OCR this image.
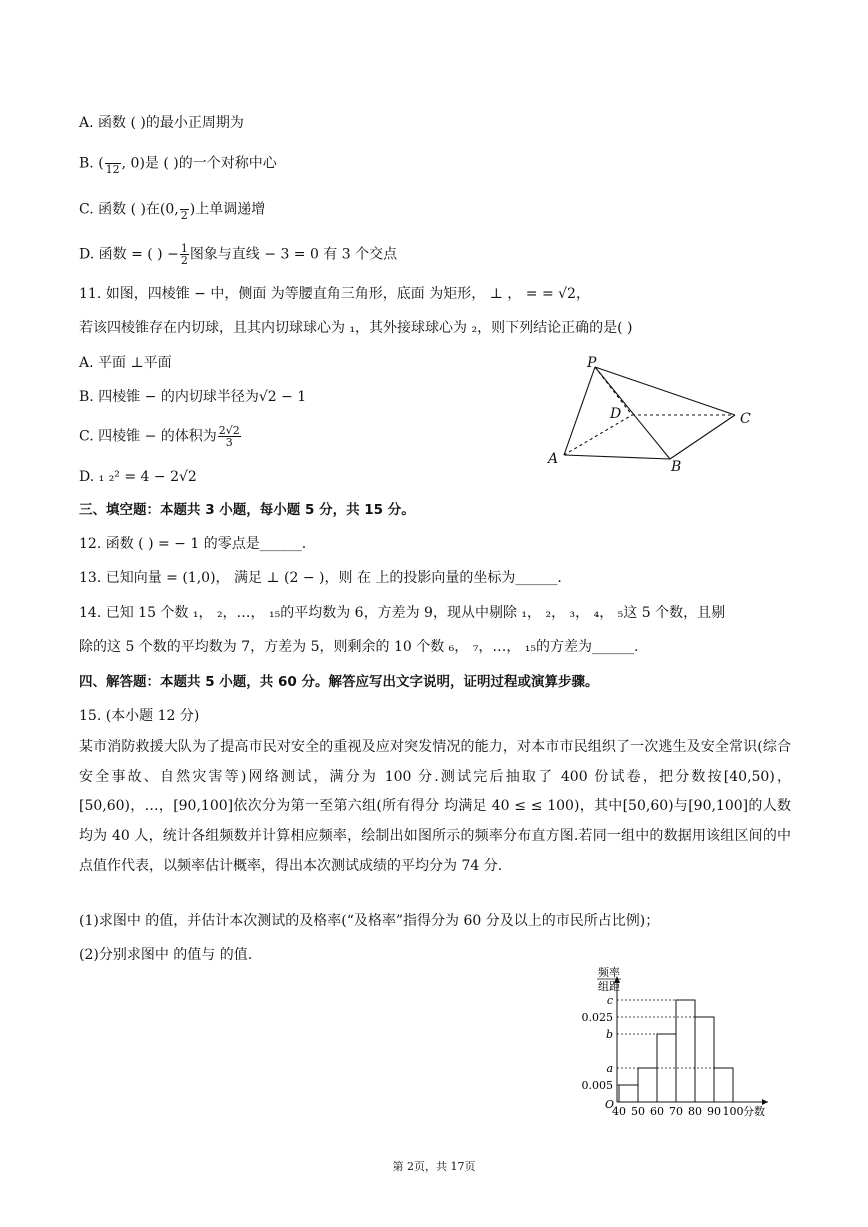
A. 函数 ( )的最小正周期为
B. ( 12 , 0)是 ( )的一个对称中心
C. 函数 ( )在(0, 2 )上单调递增
D. 函数 = ( ) − $\frac{1}{2}$ 图象与直线 − 3 = 0 有 3 个交点
11. 如图，四棱锥 − 中，侧面 为等腰直角三角形，底面 为矩形， ⊥ ， = = √2，
若该四棱锥存在内切球，且其内切球球心为 ₁，其外接球球心为 ₂，则下列结论正确的是( )
A. 平面 ⊥平面
B. 四棱锥 − 的内切球半径为√2 − 1
C. 四棱锥 − 的体积为 $\frac{2√2}{3}$
D. ₁ ₂² = 4 − 2√2
P
D	C
A	B
三、填空题：本题共 3 小题，每小题 5 分，共 15 分。
12. 函数 ( ) = − 1 的零点是______.
13. 已知向量 = (1,0)， 满足 ⊥ (2 − )，则 在 上的投影向量的坐标为______.
14. 已知 15 个数 ₁， ₂，…， ₁₅的平均数为 6，方差为 9，现从中剔除 ₁， ₂， ₃， ₄， ₅这 5 个数，且剔
除的这 5 个数的平均数为 7，方差为 5，则剩余的 10 个数 ₆， ₇，…， ₁₅的方差为______.
四、解答题：本题共 5 小题，共 60 分。解答应写出文字说明，证明过程或演算步骤。
15. (本小题 12 分)
某市消防救援大队为了提高市民对安全的重视及应对突发情况的能力，对本市市民组织了一次逃生及安全常识(综合安全事故、自然灾害等)网络测试，满分为 100 分.测试完后抽取了 400 份试卷，把分数按[40,50)，[50,60)，…，[90,100]依次分为第一至第六组(所有得分 均满足 40 ≤ ≤ 100)，其中[50,60)与[90,100]的人数均为 40 人，统计各组频数并计算相应频率，绘制出如图所示的频率分布直方图.若同一组中的数据用该组区间的中点值作代表，以频率估计概率，得出本次测试成绩的平均分为 74 分.
(1)求图中 的值，并估计本次测试的及格率(“及格率”指得分为 60 分及以上的市民所占比例)；
(2)分别求图中 的值与 的值.
频率
组距
O
0.005
a
b
0.025
c
40 50 60 70 80 90 100 分数
第 2页，共 17页
